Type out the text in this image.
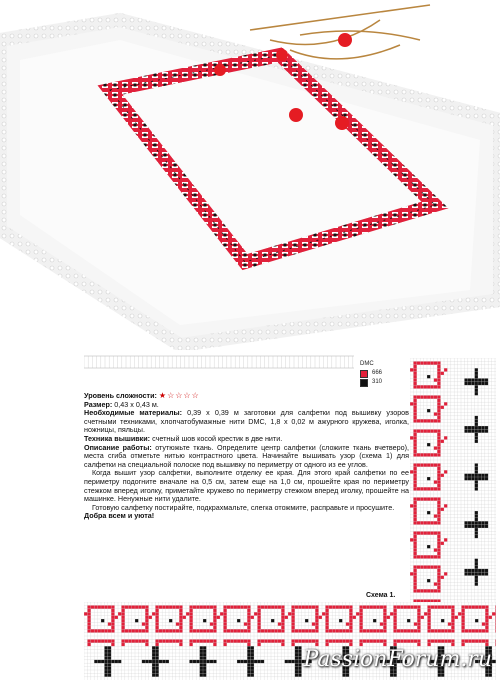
DMC
666
310

Уровень сложности: ★☆☆☆☆

Размер: 0,43 x 0,43 м.

Необходимые материалы: 0,39 x 0,39 м заготовки для салфетки под вышивку узоров счетными техниками, хлопчатобумажные нити DMC, 1,8 x 0,02 м ажурного кружева, иголка, ножницы, пяльцы.

Техника вышивки: счетный шов косой крестик в две нити.

Описание работы: отутюжьте ткань. Определите центр салфетки (сложите ткань вчетверо), места сгиба отметьте нитью контрастного цвета. Начинайте вышивать узор (схема 1) для салфетки на специальной полоске под вышивку по периметру от одного из ее углов.

Когда вышит узор салфетки, выполните отделку ее края. Для этого край салфетки по ее периметру подогните вначале на 0,5 см, затем еще на 1,0 см, прошейте края по периметру стежком вперед иголку, приметайте кружево по периметру стежком вперед иголку, прошейте на машинке. Ненужные нити удалите.

Готовую салфетку постирайте, подкрахмальте, слегка отожмите, расправьте и просушите.

Добра всем и уюта!

Схема 1.
PassionForum.ru
